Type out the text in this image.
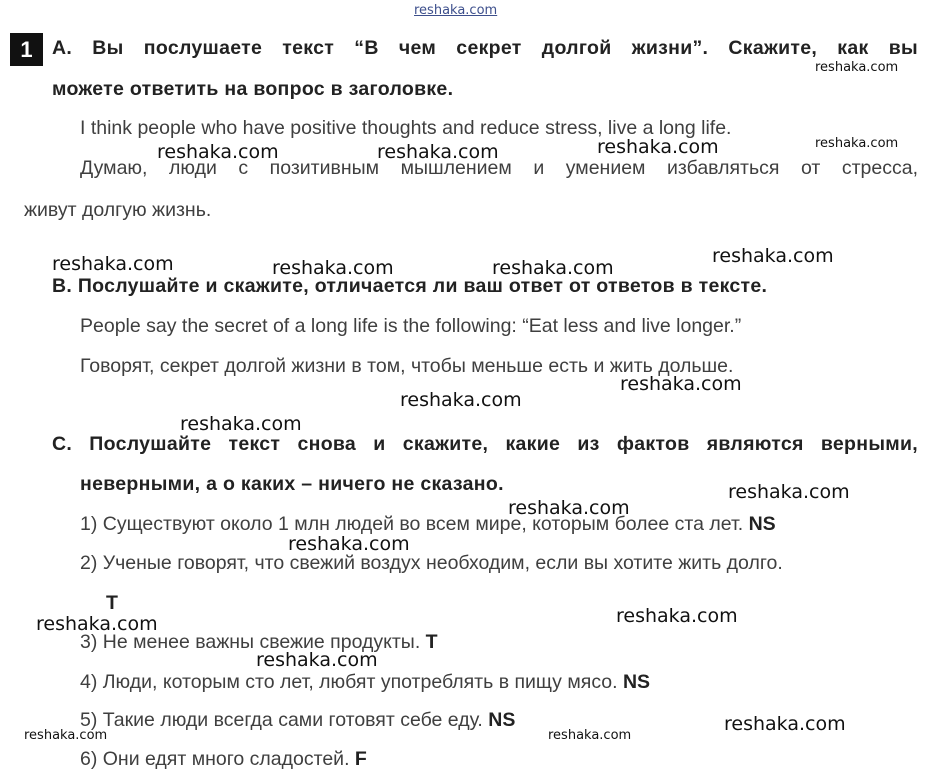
1 A. Вы послушаете текст “В чем секрет долгой жизни”. Скажите, как вы
можете ответить на вопрос в заголовке.
I think people who have positive thoughts and reduce stress, live a long life.
Думаю, люди с позитивным мышлением и умением избавляться от стресса,
живут долгую жизнь.
B. Послушайте и скажите, отличается ли ваш ответ от ответов в тексте.
People say the secret of a long life is the following: “Eat less and live longer.”
Говорят, секрет долгой жизни в том, чтобы меньше есть и жить дольше.
C. Послушайте текст снова и скажите, какие из фактов являются верными,
неверными, а о каких – ничего не сказано.
1) Существуют около 1 млн людей во всем мире, которым более ста лет. NS
2) Ученые говорят, что свежий воздух необходим, если вы хотите жить долго.
T
3) Не менее важны свежие продукты. T
4) Люди, которым сто лет, любят употреблять в пищу мясо. NS
5) Такие люди всегда сами готовят себе еду. NS
6) Они едят много сладостей. F
reshaka.com
reshaka.com
reshaka.com
reshaka.com	reshaka.com	reshaka.com
reshaka.com
reshaka.com	reshaka.com	reshaka.com
reshaka.com
reshaka.com
reshaka.com
reshaka.com
reshaka.com
reshaka.com
reshaka.com
reshaka.com
reshaka.com
reshaka.com
reshaka.com
reshaka.com
